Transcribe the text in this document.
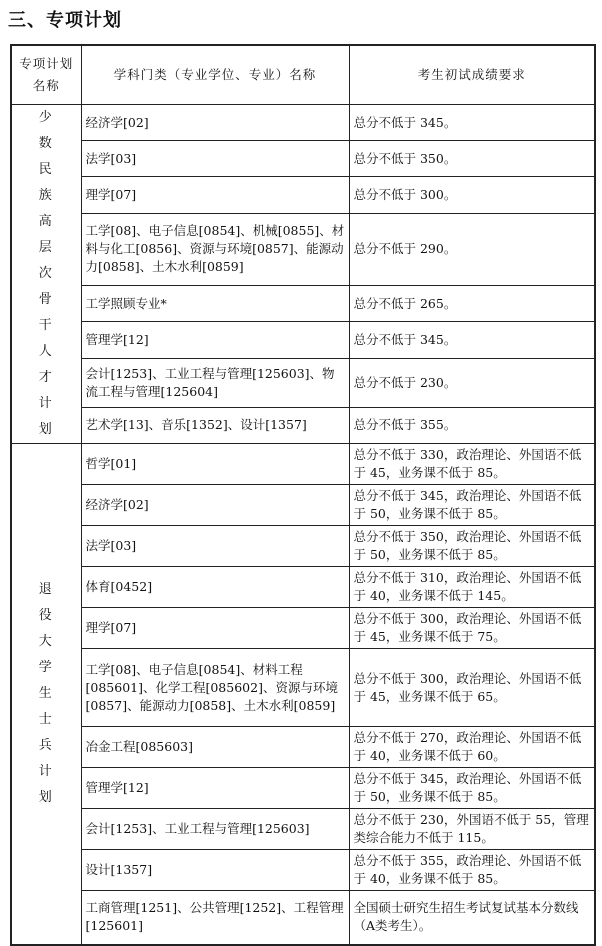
三、专项计划
专项计划名称	学科门类（专业学位、专业）名称	考生初试成绩要求
少数民族高层次骨干人才计划	经济学[02]	总分不低于 345。
	法学[03]	总分不低于 350。
	理学[07]	总分不低于 300。
	工学[08]、电子信息[0854]、机械[0855]、材料与化工[0856]、资源与环境[0857]、能源动力[0858]、土木水利[0859]	总分不低于 290。
	工学照顾专业*	总分不低于 265。
	管理学[12]	总分不低于 345。
	会计[1253]、工业工程与管理[125603]、物流工程与管理[125604]	总分不低于 230。
	艺术学[13]、音乐[1352]、设计[1357]	总分不低于 355。
退役大学生士兵计划	哲学[01]	总分不低于 330，政治理论、外国语不低于 45，业务课不低于 85。
	经济学[02]	总分不低于 345，政治理论、外国语不低于 50，业务课不低于 85。
	法学[03]	总分不低于 350，政治理论、外国语不低于 50，业务课不低于 85。
	体育[0452]	总分不低于 310，政治理论、外国语不低于 40，业务课不低于 145。
	理学[07]	总分不低于 300，政治理论、外国语不低于 45，业务课不低于 75。
	工学[08]、电子信息[0854]、材料工程[085601]、化学工程[085602]、资源与环境[0857]、能源动力[0858]、土木水利[0859]	总分不低于 300，政治理论、外国语不低于 45，业务课不低于 65。
	冶金工程[085603]	总分不低于 270，政治理论、外国语不低于 40，业务课不低于 60。
	管理学[12]	总分不低于 345，政治理论、外国语不低于 50，业务课不低于 85。
	会计[1253]、工业工程与管理[125603]	总分不低于 230，外国语不低于 55，管理类综合能力不低于 115。
	设计[1357]	总分不低于 355，政治理论、外国语不低于 40，业务课不低于 85。
	工商管理[1251]、公共管理[1252]、工程管理[125601]	全国硕士研究生招生考试复试基本分数线（A类考生）。
